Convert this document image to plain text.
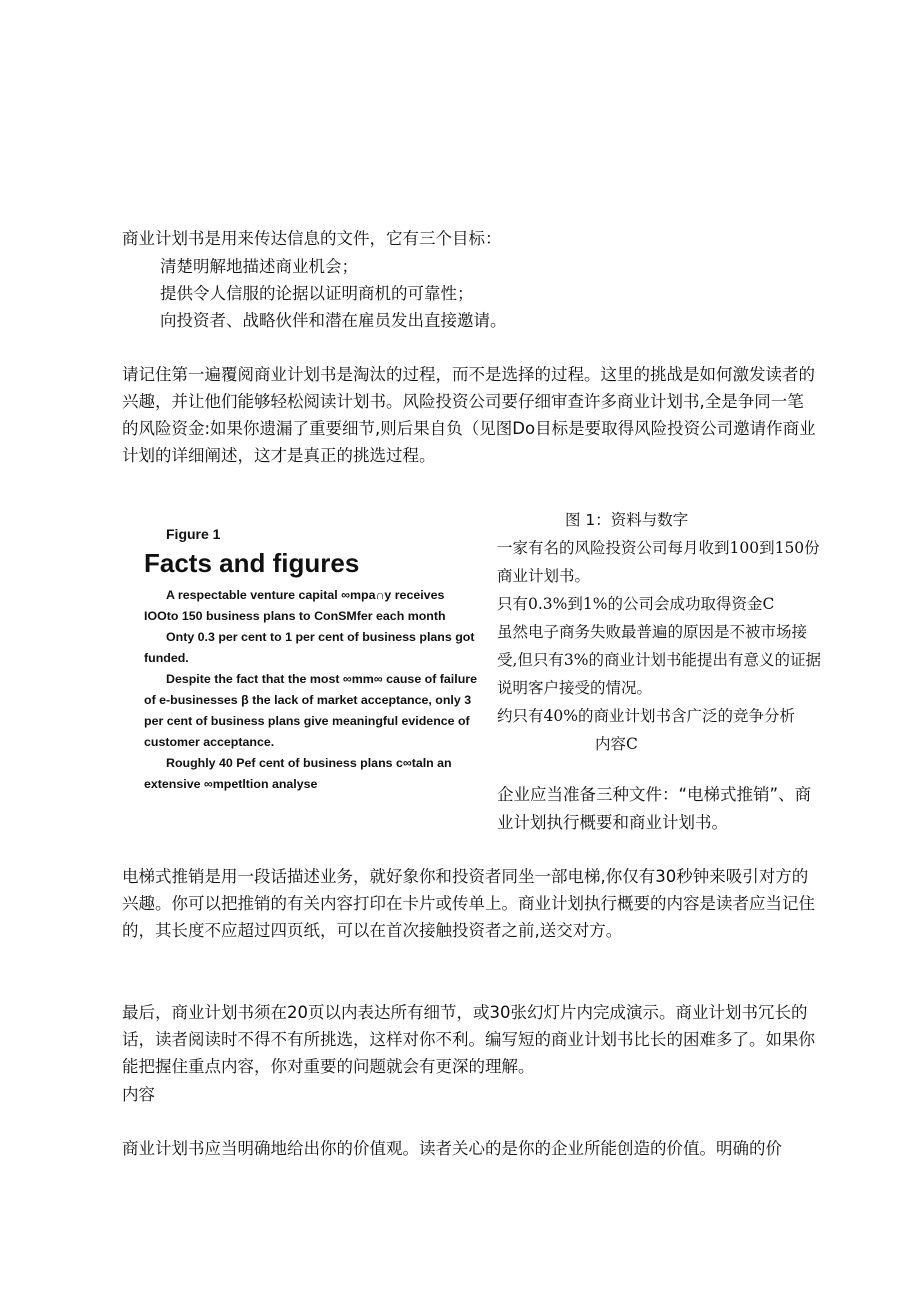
商业计划书是用来传达信息的文件，它有三个目标：

清楚明解地描述商业机会；

提供令人信服的论据以证明商机的可靠性；

向投资者、战略伙伴和潜在雇员发出直接邀请。

请记住第一遍覆阅商业计划书是淘汰的过程，而不是选择的过程。这里的挑战是如何激发读者的兴趣，并让他们能够轻松阅读计划书。风险投资公司要仔细审查许多商业计划书,全是争同一笔的风险资金:如果你遗漏了重要细节,则后果自负（见图Do目标是要取得风险投资公司邀请作商业计划的详细阐述，这才是真正的挑选过程。

Figure 1

Facts and figures

A respectable venture capital ∞mpa∩y receives IOOto 150 business plans to ConSMfer each month

Onty 0.3 per cent to 1 per cent of business plans got funded.

Despite the fact that the most ∞mm∞ cause of failure of e-businesses β the lack of market acceptance, only 3 per cent of business plans give meaningful evidence of customer acceptance.

Roughly 40 Pef cent of business plans c∞taln an extensive ∞mpetltion analyse

图 1：资料与数字

一家有名的风险投资公司每月收到100到150份商业计划书。

只有0.3%到1%的公司会成功取得资金C

虽然电子商务失败最普遍的原因是不被市场接受,但只有3%的商业计划书能提出有意义的证据说明客户接受的情况。

约只有40%的商业计划书含广泛的竞争分析

内容C

企业应当准备三种文件：“电梯式推销”、商业计划执行概要和商业计划书。

电梯式推销是用一段话描述业务，就好象你和投资者同坐一部电梯,你仅有30秒钟来吸引对方的兴趣。你可以把推销的有关内容打印在卡片或传单上。商业计划执行概要的内容是读者应当记住的，其长度不应超过四页纸，可以在首次接触投资者之前,送交对方。

最后，商业计划书须在20页以内表达所有细节，或30张幻灯片内完成演示。商业计划书冗长的话，读者阅读时不得不有所挑选，这样对你不利。编写短的商业计划书比长的困难多了。如果你能把握住重点内容，你对重要的问题就会有更深的理解。

内容

商业计划书应当明确地给出你的价值观。读者关心的是你的企业所能创造的价值。明确的价
